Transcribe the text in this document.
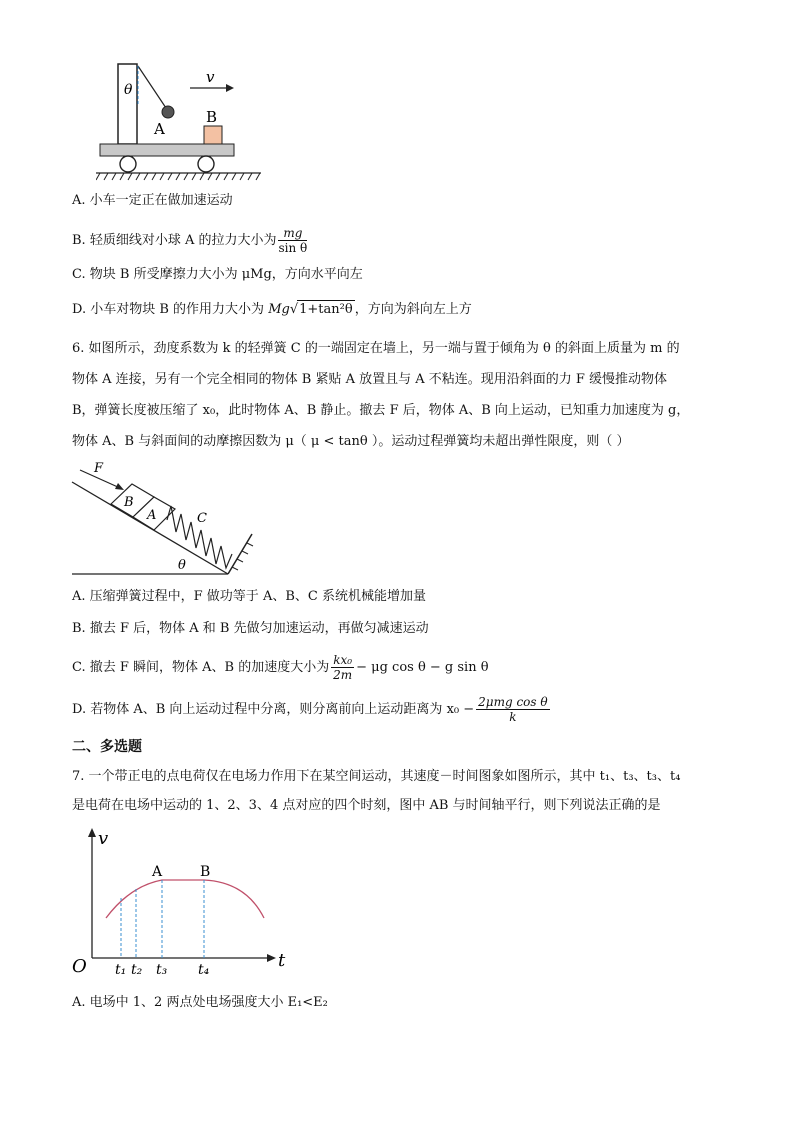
θ
v
A
B
A. 小车一定正在做加速运动
B. 轻质细线对小球 A 的拉力大小为 $\frac{mg}{\text{sin θ}}$
C. 物块 B 所受摩擦力大小为 μMg，方向水平向左
D. 小车对物块 B 的作用力大小为 Mg√1+tan²θ ，方向为斜向左上方
6. 如图所示，劲度系数为 k 的轻弹簧 C 的一端固定在墙上，另一端与置于倾角为 θ 的斜面上质量为 m 的
物体 A 连接，另有一个完全相同的物体 B 紧贴 A 放置且与 A 不粘连。现用沿斜面的力 F 缓慢推动物体
B，弹簧长度被压缩了 x₀，此时物体 A、B 静止。撤去 F 后，物体 A、B 向上运动，已知重力加速度为 g，
物体 A、B 与斜面间的动摩擦因数为 μ（ μ < tanθ ）。运动过程弹簧均未超出弹性限度，则（ ）
θ
F
B
A	C
A. 压缩弹簧过程中，F 做功等于 A、B、C 系统机械能增加量
B. 撤去 F 后，物体 A 和 B 先做匀加速运动，再做匀减速运动
C. 撤去 F 瞬间，物体 A、B 的加速度大小为 $\frac{\text{kx₀}}{2m} - \mu g$ cos θ − g sin θ
D. 若物体 A、B 向上运动过程中分离，则分离前向上运动距离为 $x_0 - \frac{\text{2μmg cos θ}}{k}$
二、多选题
7. 一个带正电的点电荷仅在电场力作用下在某空间运动，其速度－时间图象如图所示，其中 t₁、t₃、t₃、t₄
是电荷在电场中运动的 1、2、3、4 点对应的四个时刻，图中 AB 与时间轴平行，则下列说法正确的是
v
t
O
A	B
t₁ t₂ t₃ t₄
A. 电场中 1、2 两点处电场强度大小 E₁<E₂
